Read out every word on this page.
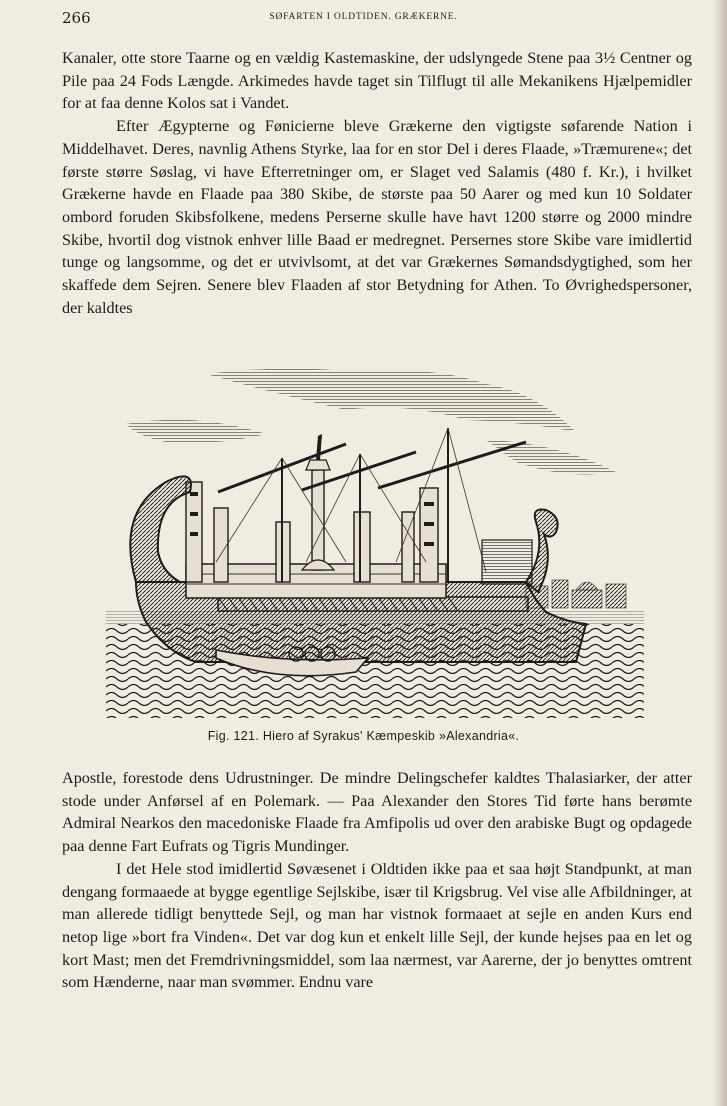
266	SØFARTEN I OLDTIDEN. GRÆKERNE.

Kanaler, otte store Taarne og en vældig Kastemaskine, der udslyngede Stene paa 3½ Centner og Pile paa 24 Fods Længde. Arkimedes havde taget sin Tilflugt til alle Mekanikens Hjælpemidler for at faa denne Kolos sat i Vandet.

Efter Ægypterne og Fønicierne bleve Grækerne den vigtigste søfarende Nation i Middelhavet. Deres, navnlig Athens Styrke, laa for en stor Del i deres Flaade, »Træmurene«; det første større Søslag, vi have Efterretninger om, er Slaget ved Salamis (480 f. Kr.), i hvilket Grækerne havde en Flaade paa 380 Skibe, de største paa 50 Aarer og med kun 10 Soldater ombord foruden Skibsfolkene, medens Perserne skulle have havt 1200 større og 2000 mindre Skibe, hvortil dog vistnok enhver lille Baad er medregnet. Persernes store Skibe vare imidlertid tunge og langsomme, og det er utvivlsomt, at det var Grækernes Sømandsdygtighed, som her skaffede dem Sejren. Senere blev Flaaden af stor Betydning for Athen. To Øvrighedspersoner, der kaldtes

Fig. 121. Hiero af Syrakus' Kæmpeskib »Alexandria«.

Apostle, forestode dens Udrustninger. De mindre Delingschefer kaldtes Thalasiarker, der atter stode under Anførsel af en Polemark. — Paa Alexander den Stores Tid førte hans berømte Admiral Nearkos den macedoniske Flaade fra Amfipolis ud over den arabiske Bugt og opdagede paa denne Fart Eufrats og Tigris Mundinger.

I det Hele stod imidlertid Søvæsenet i Oldtiden ikke paa et saa højt Standpunkt, at man dengang formaaede at bygge egentlige Sejlskibe, især til Krigsbrug. Vel vise alle Afbildninger, at man allerede tidligt benyttede Sejl, og man har vistnok formaaet at sejle en anden Kurs end netop lige »bort fra Vinden«. Det var dog kun et enkelt lille Sejl, der kunde hejses paa en let og kort Mast; men det Fremdrivningsmiddel, som laa nærmest, var Aarerne, der jo benyttes omtrent som Hænderne, naar man svømmer. Endnu vare
